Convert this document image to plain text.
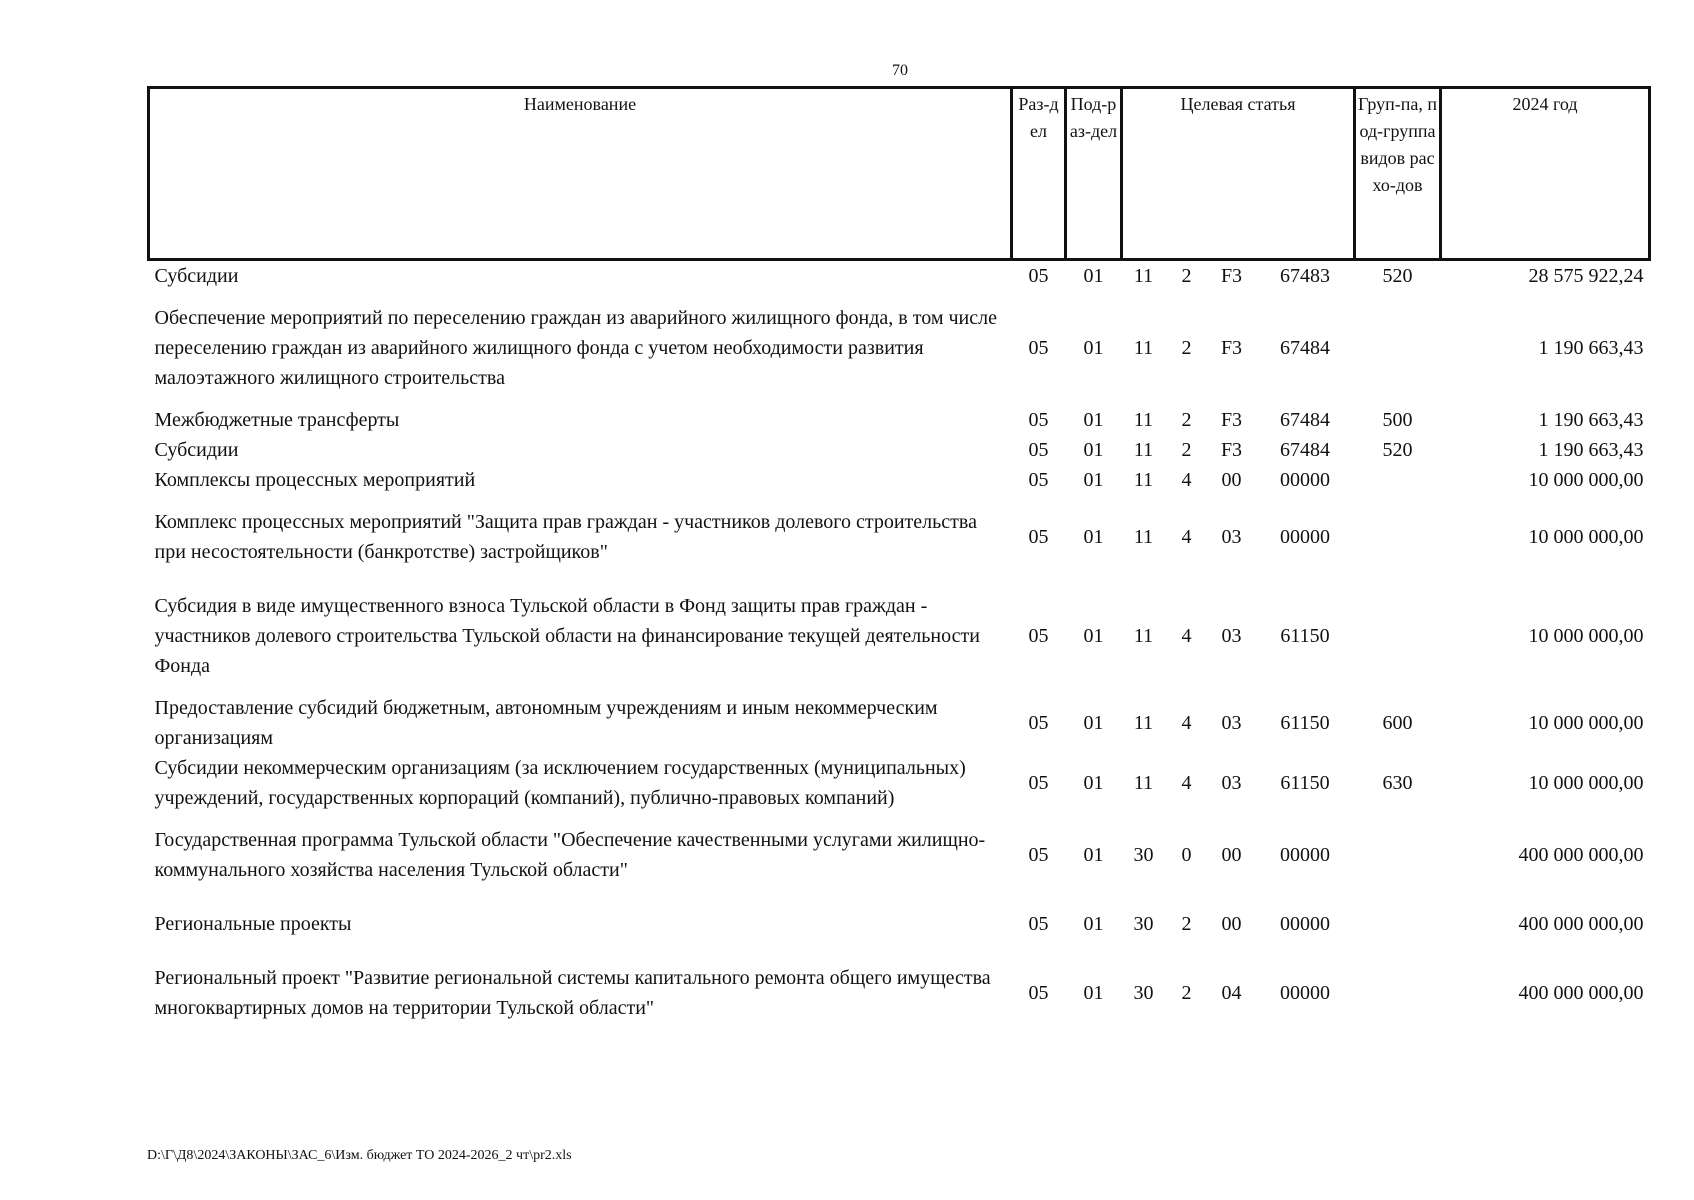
70
Наименование	Раз-дел	Под-раз-дел	Целевая статья				Груп-па, под-группа видов расхо-дов	2024 год
Субсидии	05	01	11	2	F3	67483	520	28 575 922,24
Обеспечение мероприятий по переселению граждан из аварийного жилищного фонда, в том числе переселению граждан из аварийного жилищного фонда с учетом необходимости развития малоэтажного жилищного строительства	05	01	11	2	F3	67484		1 190 663,43
Межбюджетные трансферты	05	01	11	2	F3	67484	500	1 190 663,43
Субсидии	05	01	11	2	F3	67484	520	1 190 663,43
Комплексы процессных мероприятий	05	01	11	4	00	00000		10 000 000,00
Комплекс процессных мероприятий "Защита прав граждан - участников долевого строительства при несостоятельности (банкротстве) застройщиков"	05	01	11	4	03	00000		10 000 000,00
Субсидия в виде имущественного взноса Тульской области в Фонд защиты прав граждан - участников долевого строительства Тульской области на финансирование текущей деятельности Фонда	05	01	11	4	03	61150		10 000 000,00
Предоставление субсидий бюджетным, автономным учреждениям и иным некоммерческим организациям	05	01	11	4	03	61150	600	10 000 000,00
Субсидии некоммерческим организациям (за исключением государственных (муниципальных) учреждений, государственных корпораций (компаний), публично-правовых компаний)	05	01	11	4	03	61150	630	10 000 000,00
Государственная программа Тульской области "Обеспечение качественными услугами жилищно-коммунального хозяйства населения Тульской области"	05	01	30	0	00	00000		400 000 000,00
Региональные проекты	05	01	30	2	00	00000		400 000 000,00
Региональный проект "Развитие региональной системы капитального ремонта общего имущества многоквартирных домов на территории Тульской области"	05	01	30	2	04	00000		400 000 000,00
D:\Г\Д8\2024\ЗАКОНЫ\ЗАС_6\Изм. бюджет ТО 2024-2026_2 чт\pr2.xls
